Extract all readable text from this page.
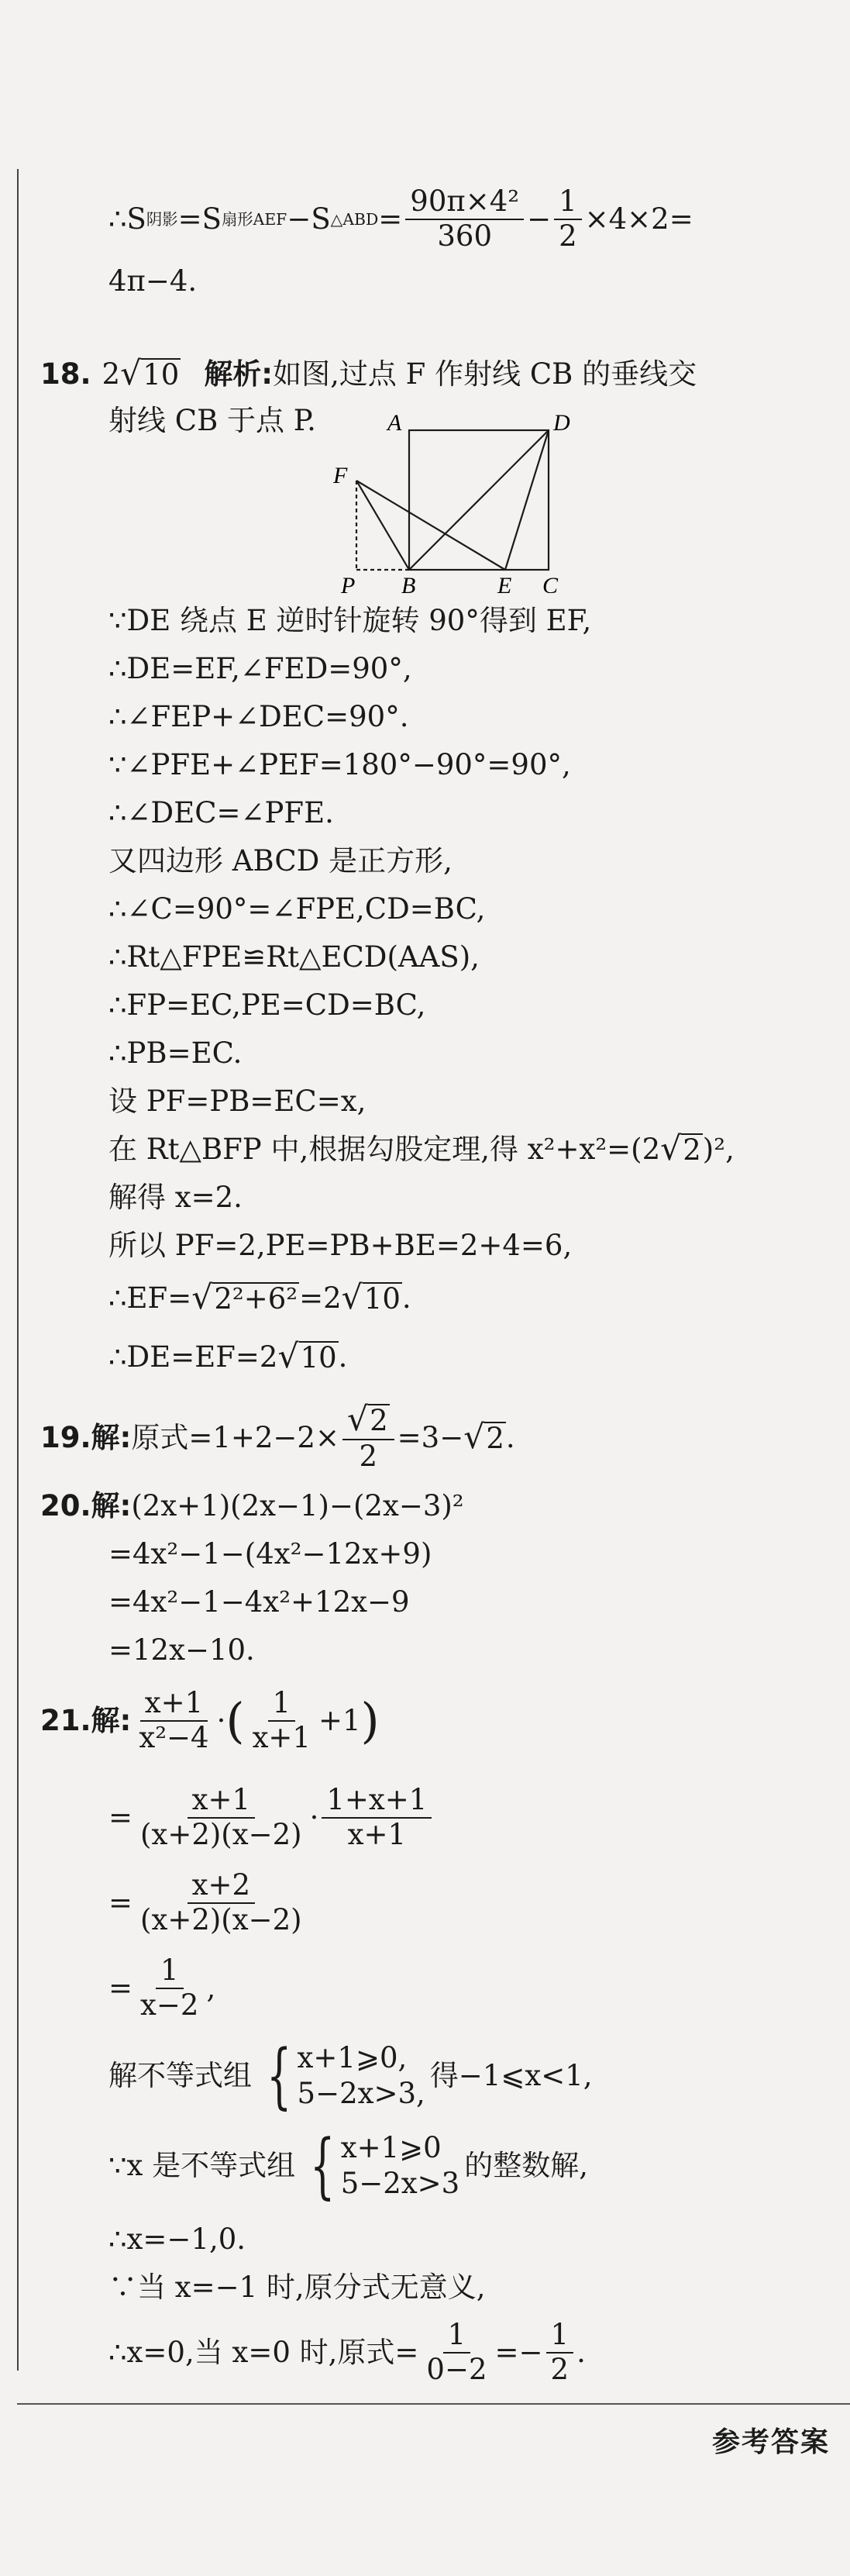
∴S 阴影 =S 扇形AEF −S △ABD = $\frac{\text{90π×4²}}{360} - \frac{1}{2} \times 4\times 2=$
4π−4.
18. 2 √ 10 解析: 如图,过点 F 作射线 CB 的垂线交
射线 CB 于点 P.	A	D
F
P B	E C
∵DE 绕点 E 逆时针旋转 90°得到 EF,
∴DE=EF,∠FED=90°,
∴∠FEP+∠DEC=90°.
∵∠PFE+∠PEF=180°−90°=90°,
∴∠DEC=∠PFE.
又四边形 ABCD 是正方形,
∴∠C=90°=∠FPE,CD=BC,
∴Rt△FPE≌Rt△ECD(AAS),
∴FP=EC,PE=CD=BC,
∴PB=EC.
设 PF=PB=EC=x,
在 Rt△BFP 中,根据勾股定理,得 x²+x²=(2 √ 2 )²,
解得 x=2.
所以 PF=2,PE=PB+BE=2+4=6,
∴EF= √ 2²+6² =2 √ 10 .
∴DE=EF=2 √ 10 .
19. 解: 原式$=1+2-2\times \frac{√ 2}{2} =3-$ √ 2 .
20. 解: (2x+1)(2x−1)−(2x−3)²
=4x²−1−(4x²−12x+9)
=4x²−1−4x²+12x−9
=12x−10.
21. 解: $\frac{x+1}{\text{x²−4}}$ · ( $\frac{1}{x+1} +1$ )
= $\frac{x+1}{(x+2)(x-2)} \cdot \frac{1+x+1}{x+1}$
= $\frac{x+2}{(x+2)(x-2)}$
= $\frac{1}{x-2}$ ,
解不等式组 { x+1⩾0,
5−2x>3,
得−1⩽x<1,
∵x 是不等式组 { x+1⩾0
5−2x>3
的整数解,
∴x=−1,0.
∵当 x=−1 时,原分式无意义,
∴x=0,当 x=0 时,原式= $\frac{1}{0-2} =- \frac{1}{2}$ .
参考答案
